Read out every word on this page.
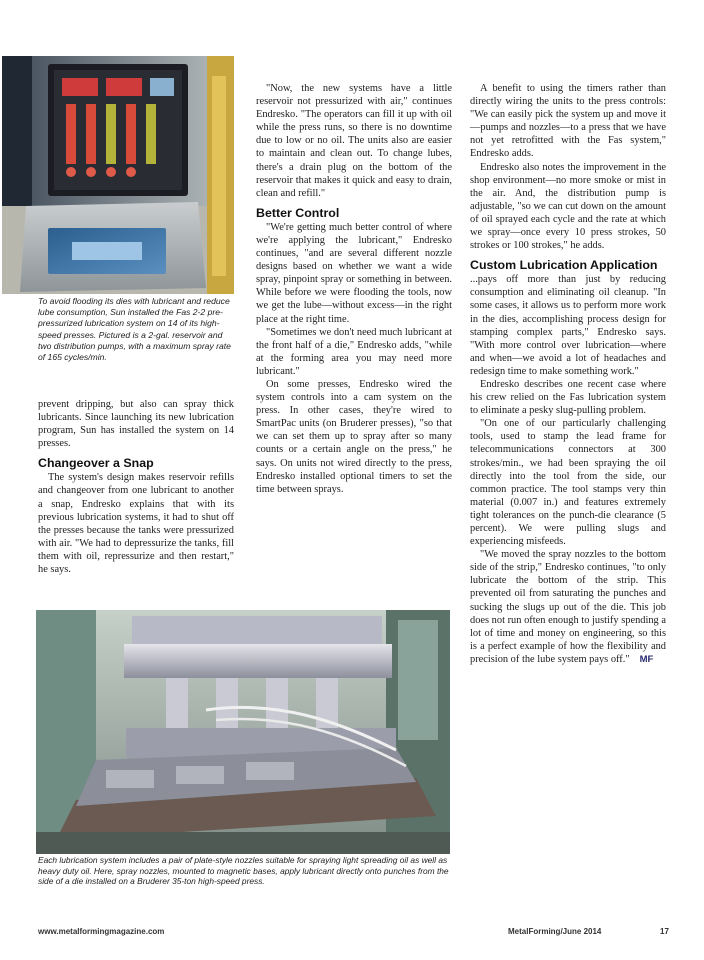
To avoid flooding its dies with lubricant and reduce lube consumption, Sun installed the Fas 2-2 pre-pressurized lubrication system on 14 of its high-speed presses. Pictured is a 2-gal. reservoir and two distribution pumps, with a maximum spray rate of 165 cycles/min.

prevent dripping, but also can spray thick lubricants. Since launching its new lubrication program, Sun has installed the system on 14 presses.

Changeover a Snap

The system's design makes reservoir refills and changeover from one lubricant to another a snap, Endresko explains that with its previous lubrication systems, it had to shut off the presses because the tanks were pressurized with air. "We had to depressurize the tanks, fill them with oil, repressurize and then restart," he says.

"Now, the new systems have a little reservoir not pressurized with air," continues Endresko. "The operators can fill it up with oil while the press runs, so there is no downtime due to low or no oil. The units also are easier to maintain and clean out. To change lubes, there's a drain plug on the bottom of the reservoir that makes it quick and easy to drain, clean and refill."

Better Control

"We're getting much better control of where we're applying the lubricant," Endresko continues, "and are several different nozzle designs based on whether we want a wide spray, pinpoint spray or something in between. While before we were flooding the tools, now we get the lube—without excess—in the right place at the right time.

"Sometimes we don't need much lubricant at the front half of a die," Endresko adds, "while at the forming area you may need more lubricant."

On some presses, Endresko wired the system controls into a cam system on the press. In other cases, they're wired to SmartPac units (on Bruderer presses), "so that we can set them up to spray after so many counts or a certain angle on the press," he says. On units not wired directly to the press, Endresko installed optional timers to set the time between sprays.

A benefit to using the timers rather than directly wiring the units to the press controls: "We can easily pick the system up and move it—pumps and nozzles—to a press that we have not yet retrofitted with the Fas system," Endresko adds.

Endresko also notes the improvement in the shop environment—no more smoke or mist in the air. And, the distribution pump is adjustable, "so we can cut down on the amount of oil sprayed each cycle and the rate at which we spray—once every 10 press strokes, 50 strokes or 100 strokes," he adds.

Custom Lubrication Application

...pays off more than just by reducing consumption and eliminating oil cleanup. "In some cases, it allows us to perform more work in the dies, accomplishing process design for stamping complex parts," Endresko says. "With more control over lubrication—where and when—we avoid a lot of headaches and redesign time to make something work."

Endresko describes one recent case where his crew relied on the Fas lubrication system to eliminate a pesky slug-pulling problem.

"On one of our particularly challenging tools, used to stamp the lead frame for telecommunications connectors at 300 strokes/min., we had been spraying the oil directly into the tool from the side, our common practice. The tool stamps very thin material (0.007 in.) and features extremely tight tolerances on the punch-die clearance (5 percent). We were pulling slugs and experiencing misfeeds.

"We moved the spray nozzles to the bottom side of the strip," Endresko continues, "to only lubricate the bottom of the strip. This prevented oil from saturating the punches and sucking the slugs up out of the die. This job does not run often enough to justify spending a lot of time and money on engineering, so this is a perfect example of how the flexibility and precision of the lube system pays off." MF

Each lubrication system includes a pair of plate-style nozzles suitable for spraying light spreading oil as well as heavy duty oil. Here, spray nozzles, mounted to magnetic bases, apply lubricant directly onto punches from the side of a die installed on a Bruderer 35-ton high-speed press.

www.metalformingmagazine.com	MetalForming/June 2014	17
